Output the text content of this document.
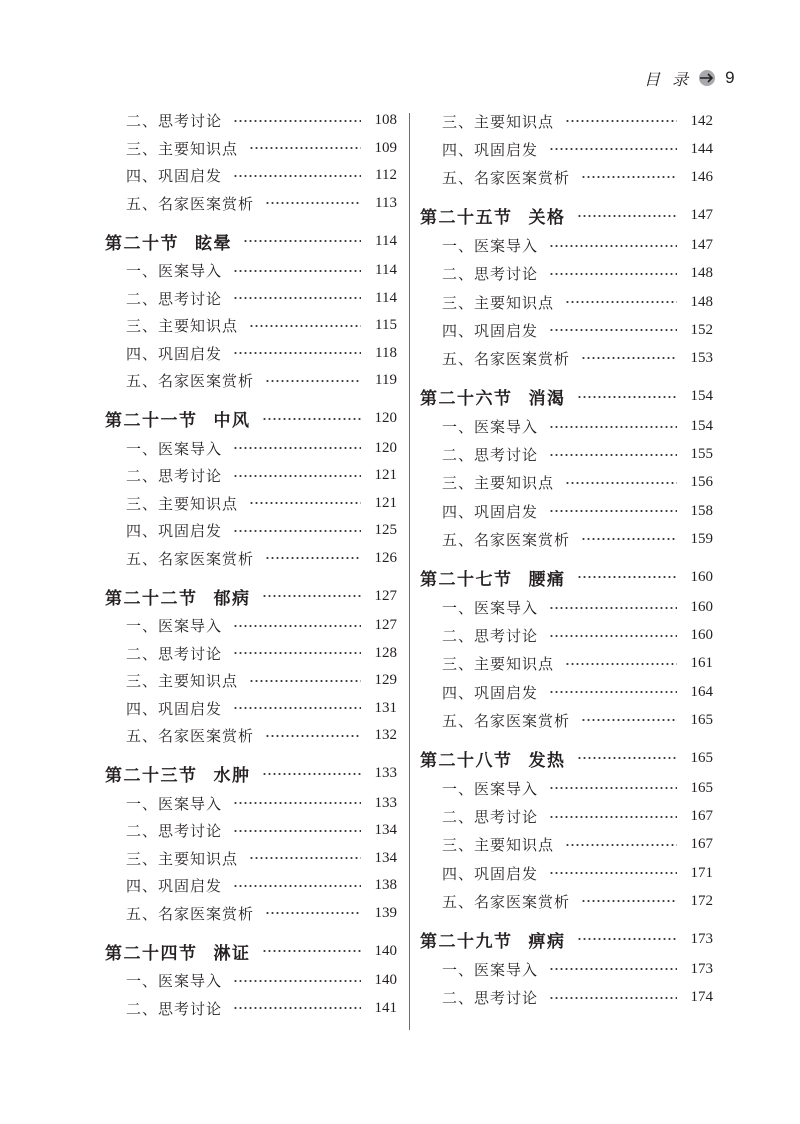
目 录 9
二、思考讨论	108
三、主要知识点	109
四、巩固启发	112
五、名家医案赏析	113
第二十节 眩晕	114
一、医案导入	114
二、思考讨论	114
三、主要知识点	115
四、巩固启发	118
五、名家医案赏析	119
第二十一节 中风	120
一、医案导入	120
二、思考讨论	121
三、主要知识点	121
四、巩固启发	125
五、名家医案赏析	126
第二十二节 郁病	127
一、医案导入	127
二、思考讨论	128
三、主要知识点	129
四、巩固启发	131
五、名家医案赏析	132
第二十三节 水肿	133
一、医案导入	133
二、思考讨论	134
三、主要知识点	134
四、巩固启发	138
五、名家医案赏析	139
第二十四节 淋证	140
一、医案导入	140
二、思考讨论	141
三、主要知识点	142
四、巩固启发	144
五、名家医案赏析	146
第二十五节 关格	147
一、医案导入	147
二、思考讨论	148
三、主要知识点	148
四、巩固启发	152
五、名家医案赏析	153
第二十六节 消渴	154
一、医案导入	154
二、思考讨论	155
三、主要知识点	156
四、巩固启发	158
五、名家医案赏析	159
第二十七节 腰痛	160
一、医案导入	160
二、思考讨论	160
三、主要知识点	161
四、巩固启发	164
五、名家医案赏析	165
第二十八节 发热	165
一、医案导入	165
二、思考讨论	167
三、主要知识点	167
四、巩固启发	171
五、名家医案赏析	172
第二十九节 痹病	173
一、医案导入	173
二、思考讨论	174
